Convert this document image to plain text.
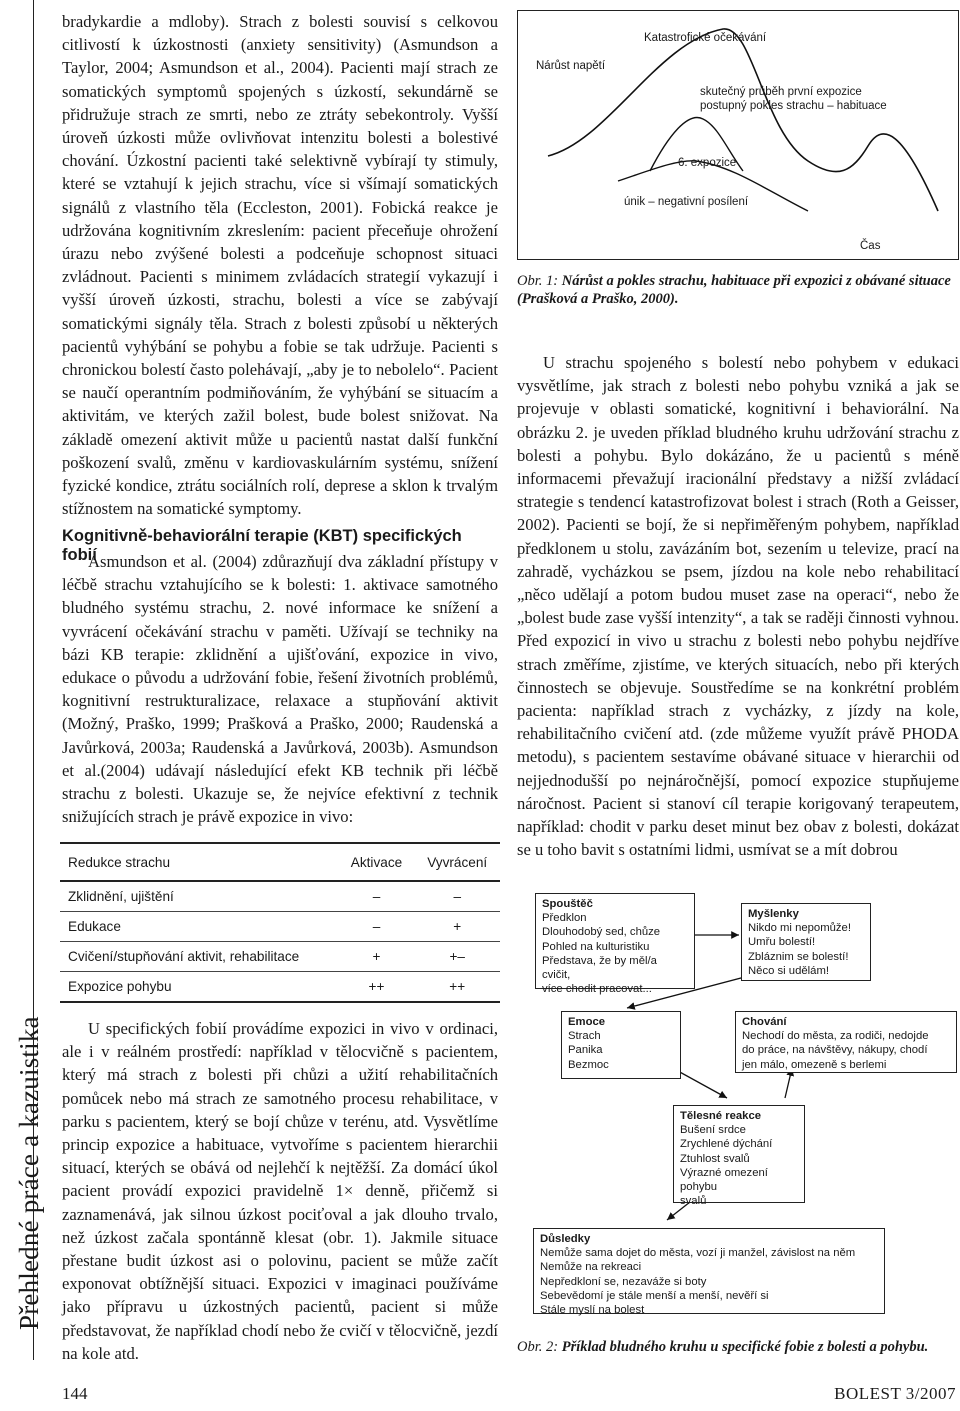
Přehledné práce a kazuistika

bradykardie a mdloby). Strach z bolesti souvisí s celkovou citlivostí k úzkostnosti (anxiety sensitivity) (Asmundson a Taylor, 2004; Asmundson et al., 2004). Pacienti mají strach ze somatických symptomů spojených s úzkostí, sekundárně se přidružuje strach ze smrti, nebo ze ztráty sebekontroly. Vyšší úroveň úzkosti může ovlivňovat intenzitu bolesti a bolestivé chování. Úzkostní pacienti také selektivně vybírají ty stimuly, které se vztahují k jejich strachu, více si všímají somatických signálů z vlastního těla (Eccleston, 2001). Fobická reakce je udržována kognitivním zkreslením: pacient přeceňuje ohrožení úrazu nebo zvýšené bolesti a podceňuje schopnost situaci zvládnout. Pacienti s minimem zvládacích strategií vykazují i vyšší úroveň úzkosti, strachu, bolesti a více se zabývají somatickými signály těla. Strach z bolesti způsobí u některých pacientů vyhýbání se pohybu a fobie se tak udržuje. Pacienti s chronickou bolestí často polehávají, „aby je to nebolelo“. Pacient se naučí operantním podmiňováním, že vyhýbání se situacím a aktivitám, ve kterých zažil bolest, bude bolest snižovat. Na základě omezení aktivit může u pacientů nastat další funkční poškození svalů, změnu v kardiovaskulárním systému, snížení fyzické kondice, ztrátu sociálních rolí, deprese a sklon k trvalým stížnostem na somatické symptomy.

Kognitivně-behaviorální terapie (KBT) specifických fobií

Asmundson et al. (2004) zdůrazňují dva základní přístupy v léčbě strachu vztahujícího se k bolesti: 1. aktivace samotného bludného systému strachu, 2. nové informace ke snížení a vyvrácení očekávání strachu v paměti. Užívají se techniky na bázi KB terapie: zklidnění a ujišťování, expozice in vivo, edukace o původu a udržování fobie, řešení životních problémů, kognitivní restrukturalizace, relaxace a stupňování aktivit (Možný, Praško, 1999; Prašková a Praško, 2000; Raudenská a Javůrková, 2003a; Raudenská a Javůrková, 2003b). Asmundson et al.(2004) udávají následující efekt KB technik při léčbě strachu z bolesti. Ukazuje se, že nejvíce efektivní z technik snižujících strach je právě expozice in vivo:

Redukce strachu	Aktivace	Vyvrácení
Zklidnění, ujištění	–	–
Edukace	–	+
Cvičení/stupňování aktivit, rehabilitace	+	+–
Expozice pohybu	++	++

U specifických fobií provádíme expozici in vivo v ordinaci, ale i v reálném prostředí: například v tělocvičně s pacientem, který má strach z bolesti při chůzi a užití rehabilitačních pomůcek nebo má strach ze samotného procesu rehabilitace, v parku s pacientem, který se bojí chůze v terénu, atd. Vysvětlíme princip expozice a habituace, vytvoříme s pacientem hierarchii situací, kterých se obává od nejlehčí k nejtěžší. Za domácí úkol pacient provádí expozici pravidelně 1× denně, přičemž si zaznamenává, jak silnou úzkost pociťoval a jak dlouho trvalo, než úzkost začala spontánně klesat (obr. 1). Jakmile situace přestane budit úzkost asi o polovinu, pacient se může začít exponovat obtížnější situaci. Expozici v imaginaci používáme jako přípravu u úzkostných pacientů, pacient si může představovat, že například chodí nebo že cvičí v tělocvičně, jezdí na kole atd.

Nárůst napětí
Katastrofické očekávání
skutečný průběh první expozice
postupný pokles strachu – habituace
6. expozice
únik – negativní posílení
Čas
Obr. 1: Nárůst a pokles strachu, habituace při expozici z obávané situace (Prašková a Praško, 2000).

U strachu spojeného s bolestí nebo pohybem v edukaci vysvětlíme, jak strach z bolesti nebo pohybu vzniká a jak se projevuje v oblasti somatické, kognitivní i behaviorální. Na obrázku 2. je uveden příklad bludného kruhu udržování strachu z bolesti a pohybu. Bylo dokázáno, že u pacientů s méně informacemi převažují iracionální představy a nižší zvládací strategie s tendencí katastrofizovat bolest i strach (Roth a Geisser, 2002). Pacienti se bojí, že si nepřiměřeným pohybem, například předklonem u stolu, zavázáním bot, sezením u televize, prací na zahradě, vycházkou se psem, jízdou na kole nebo rehabilitací „něco udělají a potom budou muset zase na operaci“, nebo že „bolest bude zase vyšší intenzity“, a tak se raději činnosti vyhnou. Před expozicí in vivo u strachu z bolesti nebo pohybu nejdříve strach změříme, zjistíme, ve kterých situacích, nebo při kterých činnostech se objevuje. Soustředíme se na konkrétní problém pacienta: například strach z vycházky, z jízdy na kole, rehabilitačního cvičení atd. (zde můžeme využít právě PHODA metodu), s pacientem sestavíme obávané situace v hierarchii od nejjednodušší po nejnáročnější, pomocí expozice stupňujeme náročnost. Pacient si stanoví cíl terapie korigovaný terapeutem, například: chodit v parku deset minut bez obav z bolesti, dokázat se u toho bavit s ostatními lidmi, usmívat se a mít dobrou

Spouštěč
Předklon
Dlouhodobý sed, chůze
Pohled na kulturistiku
Představa, že by měl/a cvičit,
více chodit pracovat...
Myšlenky
Nikdo mi nepomůže!
Umřu bolestí!
Zbláznim se bolestí!
Něco si udělám!
Emoce
Strach
Panika
Bezmoc
Chování
Nechodí do města, za rodiči, nedojde
do práce, na návštěvy, nákupy, chodí
jen málo, omezeně s berlemi
Tělesné reakce
Bušení srdce
Zrychlené dýchání
Ztuhlost svalů
Výrazné omezení pohybu
svalů
Důsledky
Nemůže sama dojet do města, vozí ji manžel, závislost na něm
Nemůže na rekreaci
Nepředkloní se, nezaváže si boty
Sebevědomí je stále menší a menší, nevěří si
Stále myslí na bolest
Obr. 2: Příklad bludného kruhu u specifické fobie z bolesti a pohybu.
144	BOLEST 3/2007
